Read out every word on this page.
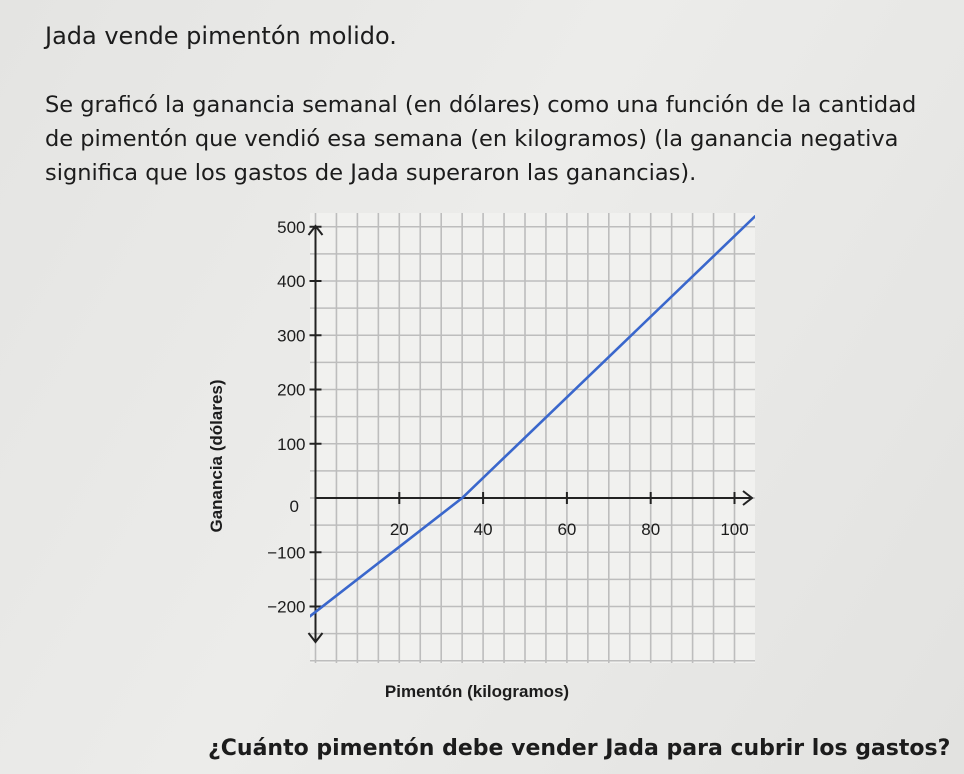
Jada vende pimentón molido.

Se graficó la ganancia semanal (en dólares) como una función de la cantidad de pimentón que vendió esa semana (en kilogramos) (la ganancia negativa significa que los gastos de Jada superaron las ganancias).

20	40	60	80	100
−200
−100
0
100
200
300
400
500
Pimentón (kilogramos)
Ganancia (dólares)

¿Cuánto pimentón debe vender Jada para cubrir los gastos?
